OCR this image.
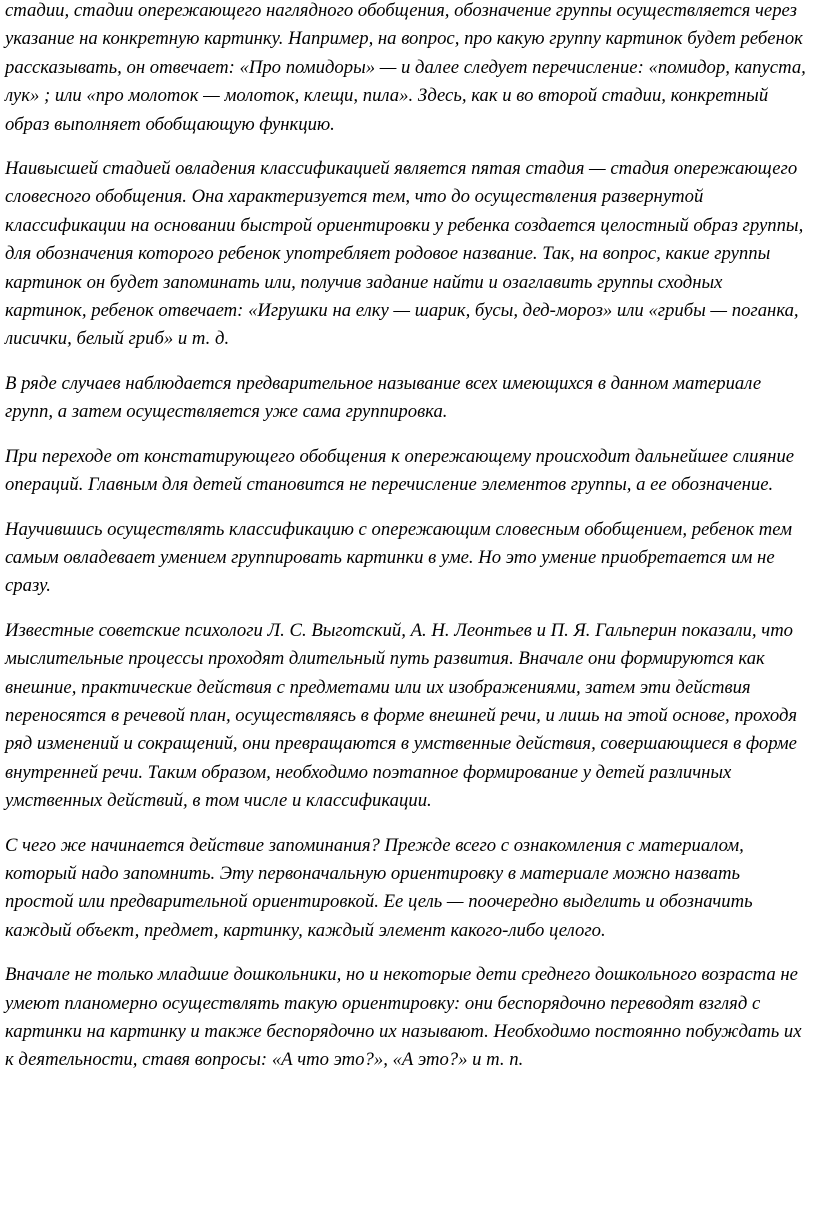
стадии, стадии опережающего наглядного обобщения, обозначение группы осуществляется через указание на конкретную картинку. Например, на вопрос, про какую группу картинок будет ребенок рассказывать, он отвечает: «Про помидоры» — и далее следует перечисление: «помидор, капуста, лук» ; или «про молоток — молоток, клещи, пила». Здесь, как и во второй стадии, конкретный образ выполняет обобщающую функцию.

Наивысшей стадией овладения классификацией является пятая стадия — стадия опережающего словесного обобщения. Она характеризуется тем, что до осуществления развернутой классификации на основании быстрой ориентировки у ребенка создается целостный образ группы, для обозначения которого ребенок употребляет родовое название. Так, на вопрос, какие группы картинок он будет запоминать или, получив задание найти и озаглавить группы сходных картинок, ребенок отвечает: «Игрушки на елку — шарик, бусы, дед-мороз» или «грибы — поганка, лисички, белый гриб» и т. д.

В ряде случаев наблюдается предварительное называние всех имеющихся в данном материале групп, а затем осуществляется уже сама группировка.

При переходе от констатирующего обобщения к опережающему происходит дальнейшее слияние операций. Главным для детей становится не перечисление элементов группы, а ее обозначение.

Научившись осуществлять классификацию с опережающим словесным обобщением, ребенок тем самым овладевает умением группировать картинки в уме. Но это умение приобретается им не сразу.

Известные советские психологи Л. С. Выготский, А. Н. Леонтьев и П. Я. Гальперин показали, что мыслительные процессы проходят длительный путь развития. Вначале они формируются как внешние, практические действия с предметами или их изображениями, затем эти действия переносятся в речевой план, осуществляясь в форме внешней речи, и лишь на этой основе, проходя ряд изменений и сокращений, они превращаются в умственные действия, совершающиеся в форме внутренней речи. Таким образом, необходимо поэтапное формирование у детей различных умственных действий, в том числе и классификации.

С чего же начинается действие запоминания? Прежде всего с ознакомления с материалом, который надо запомнить. Эту первоначальную ориентировку в материале можно назвать простой или предварительной ориентировкой. Ее цель — поочередно выделить и обозначить каждый объект, предмет, картинку, каждый элемент какого-либо целого.

Вначале не только младшие дошкольники, но и некоторые дети среднего дошкольного возраста не умеют планомерно осуществлять такую ориентировку: они беспорядочно переводят взгляд с картинки на картинку и также беспорядочно их называют. Необходимо постоянно побуждать их к деятельности, ставя вопросы: «А что это?», «А это?» и т. п.
